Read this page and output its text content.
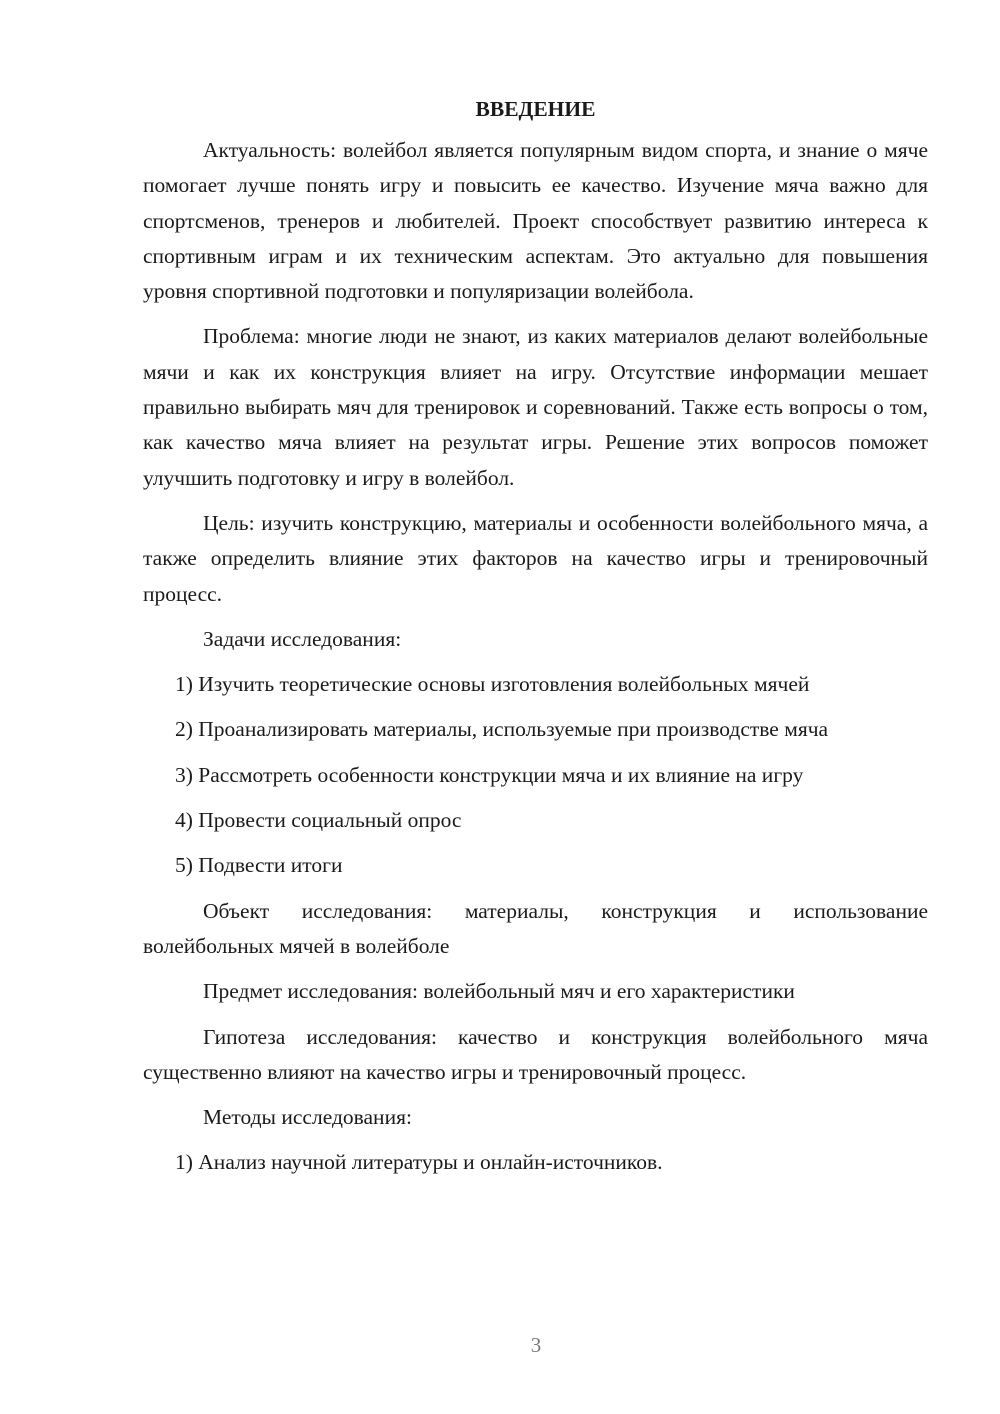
ВВЕДЕНИЕ

Актуальность: волейбол является популярным видом спорта, и знание о мяче помогает лучше понять игру и повысить ее качество. Изучение мяча важно для спортсменов, тренеров и любителей. Проект способствует развитию интереса к спортивным играм и их техническим аспектам. Это актуально для повышения уровня спортивной подготовки и популяризации волейбола.

Проблема: многие люди не знают, из каких материалов делают волейбольные мячи и как их конструкция влияет на игру. Отсутствие информации мешает правильно выбирать мяч для тренировок и соревнований. Также есть вопросы о том, как качество мяча влияет на результат игры. Решение этих вопросов поможет улучшить подготовку и игру в волейбол.

Цель: изучить конструкцию, материалы и особенности волейбольного мяча, а также определить влияние этих факторов на качество игры и тренировочный процесс.

Задачи исследования:

1) Изучить теоретические основы изготовления волейбольных мячей

2) Проанализировать материалы, используемые при производстве мяча

3) Рассмотреть особенности конструкции мяча и их влияние на игру

4) Провести социальный опрос

5) Подвести итоги

Объект исследования: материалы, конструкция и использование волейбольных мячей в волейболе

Предмет исследования: волейбольный мяч и его характеристики

Гипотеза исследования: качество и конструкция волейбольного мяча существенно влияют на качество игры и тренировочный процесс.

Методы исследования:

1) Анализ научной литературы и онлайн-источников.

3
